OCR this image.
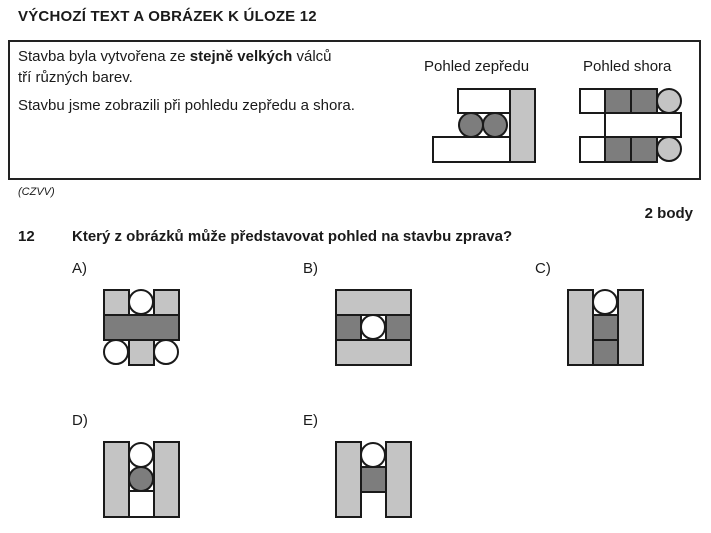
VÝCHOZÍ TEXT A OBRÁZEK K ÚLOZE 12
Stavba byla vytvořena ze stejně velkých válců
tří různých barev.
Stavbu jsme zobrazili při pohledu zepředu a shora.
Pohled zepředu	Pohled shora
(CZVV)
2 body
12 Který z obrázků může představovat pohled na stavbu zprava?
A)	B)	C)
D)	E)
